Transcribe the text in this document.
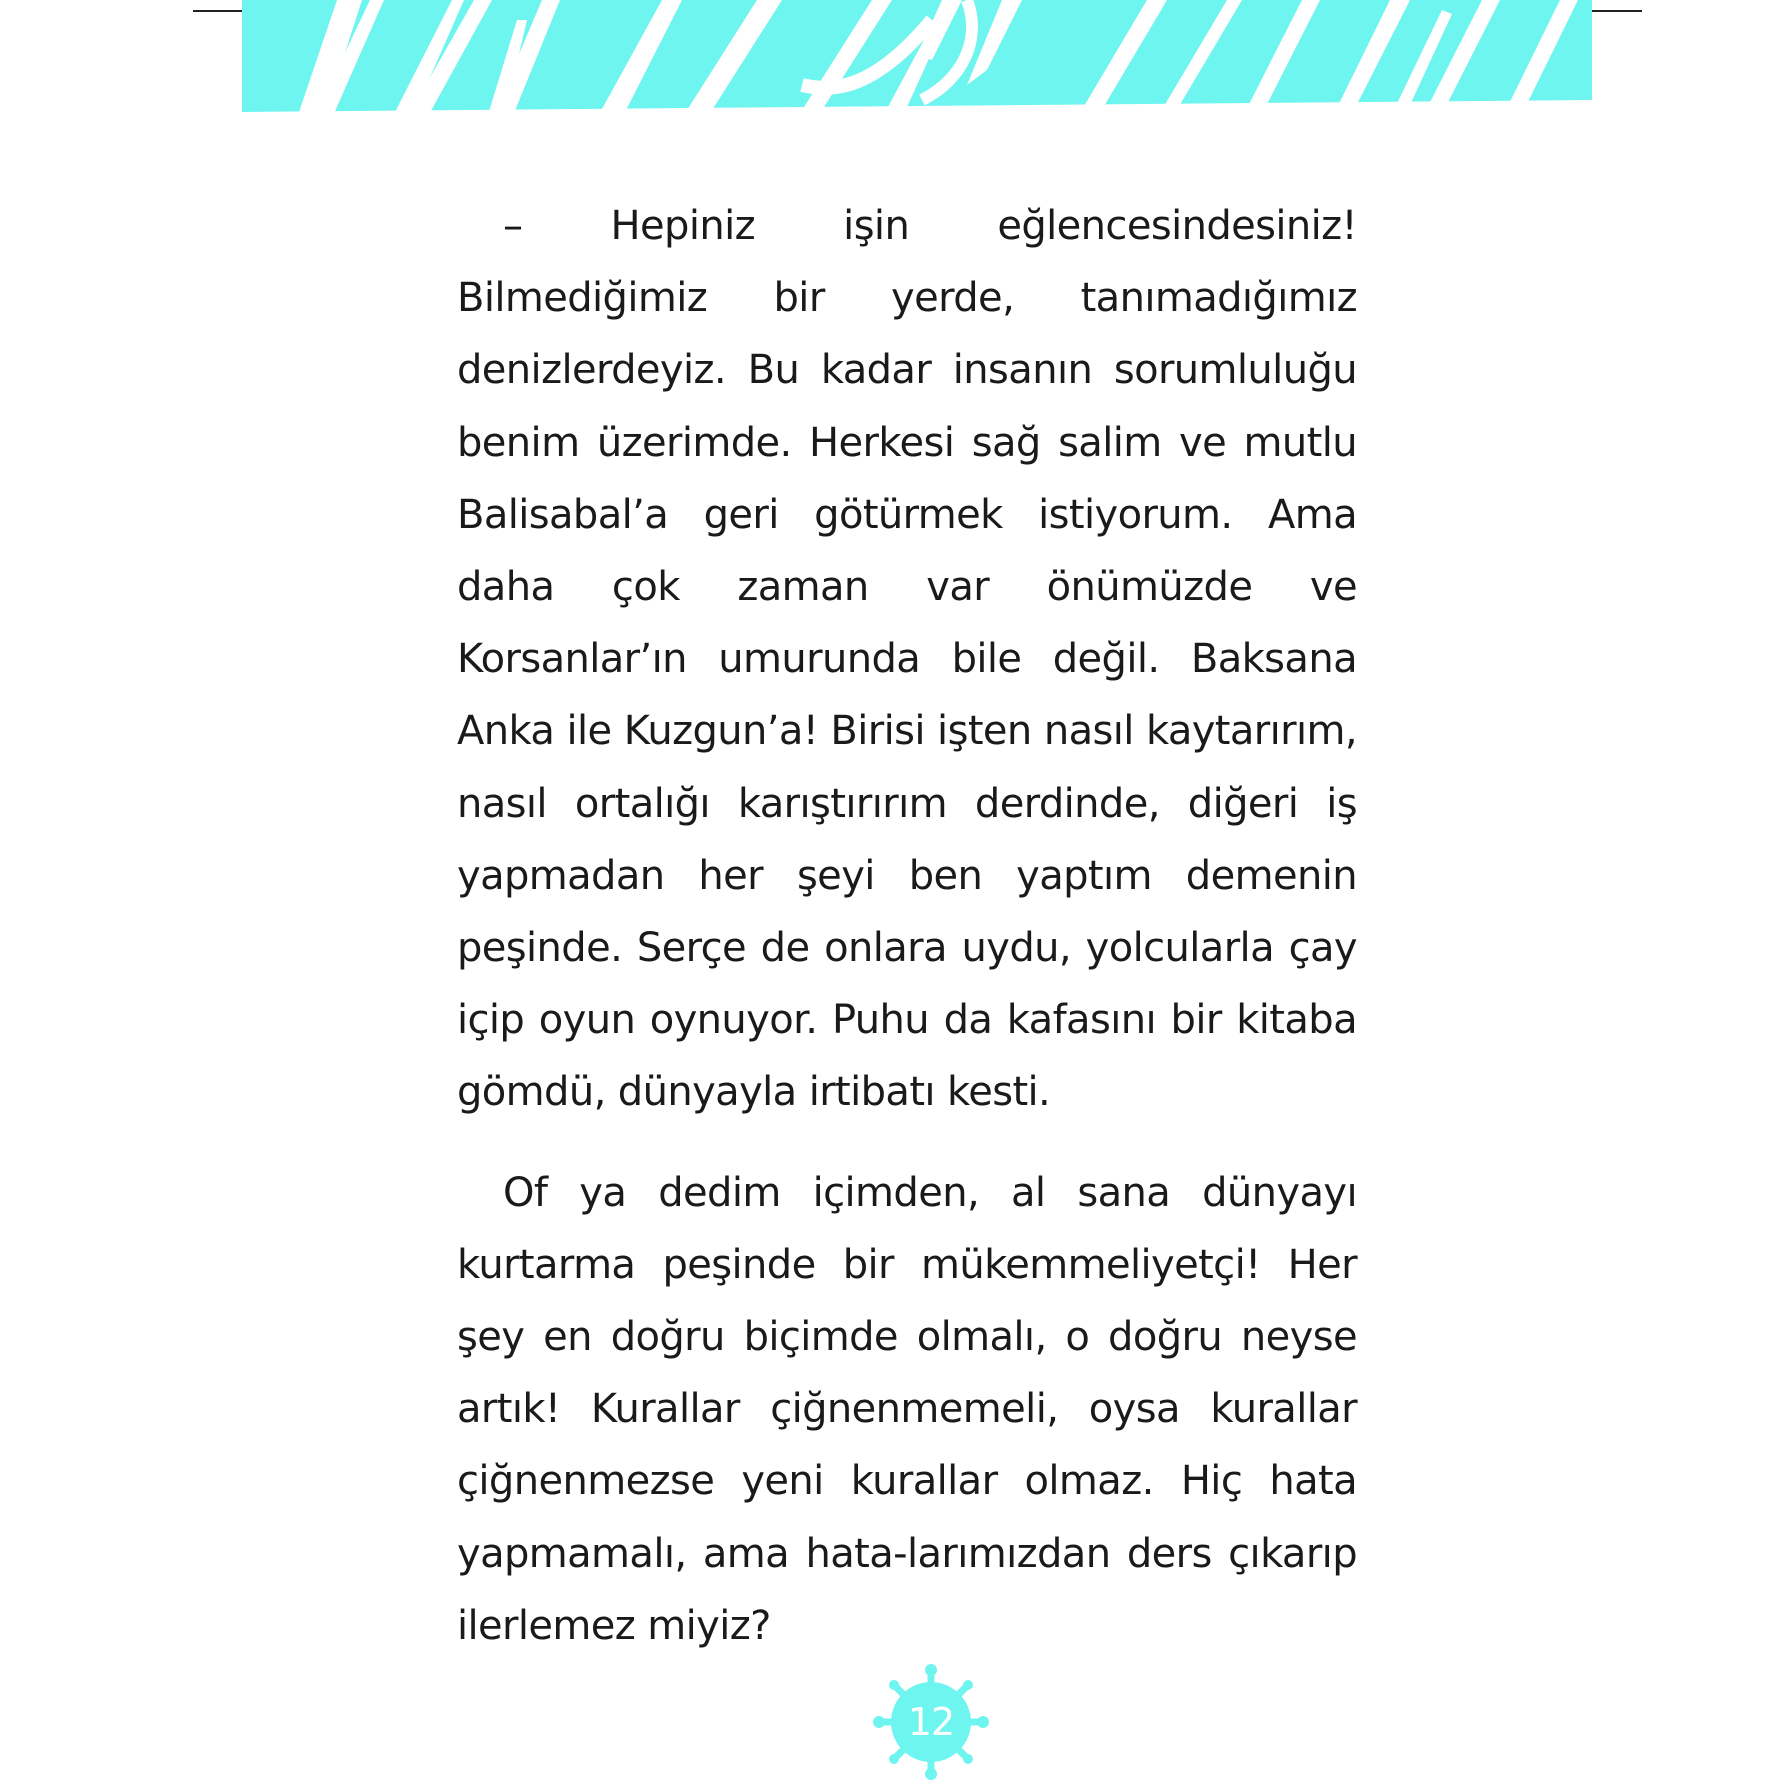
– Hepiniz işin eğlencesindesiniz! Bilmediğimiz bir yerde, tanımadığımız denizlerdeyiz. Bu kadar insanın sorumluluğu benim üzerimde. Herkesi sağ salim ve mutlu Balisabal’a geri götürmek istiyorum. Ama daha çok zaman var önümüzde ve Korsanlar’ın umurunda bile değil. Baksana Anka ile Kuzgun’a! Birisi işten nasıl kaytarırım, nasıl ortalığı karıştırırım derdinde, diğeri iş yapmadan her şeyi ben yaptım demenin peşinde. Serçe de onlara uydu, yolcularla çay içip oyun oynuyor. Puhu da kafasını bir kitaba gömdü, dünyayla irtibatı kesti.

Of ya dedim içimden, al sana dünyayı kurtarma peşinde bir mükemmeliyetçi! Her şey en doğru biçimde olmalı, o doğru neyse artık! Kurallar çiğnenmemeli, oysa kurallar çiğnenmezse yeni kurallar olmaz. Hiç hata yapmamalı, ama hata-larımızdan ders çıkarıp ilerlemez miyiz?

12
